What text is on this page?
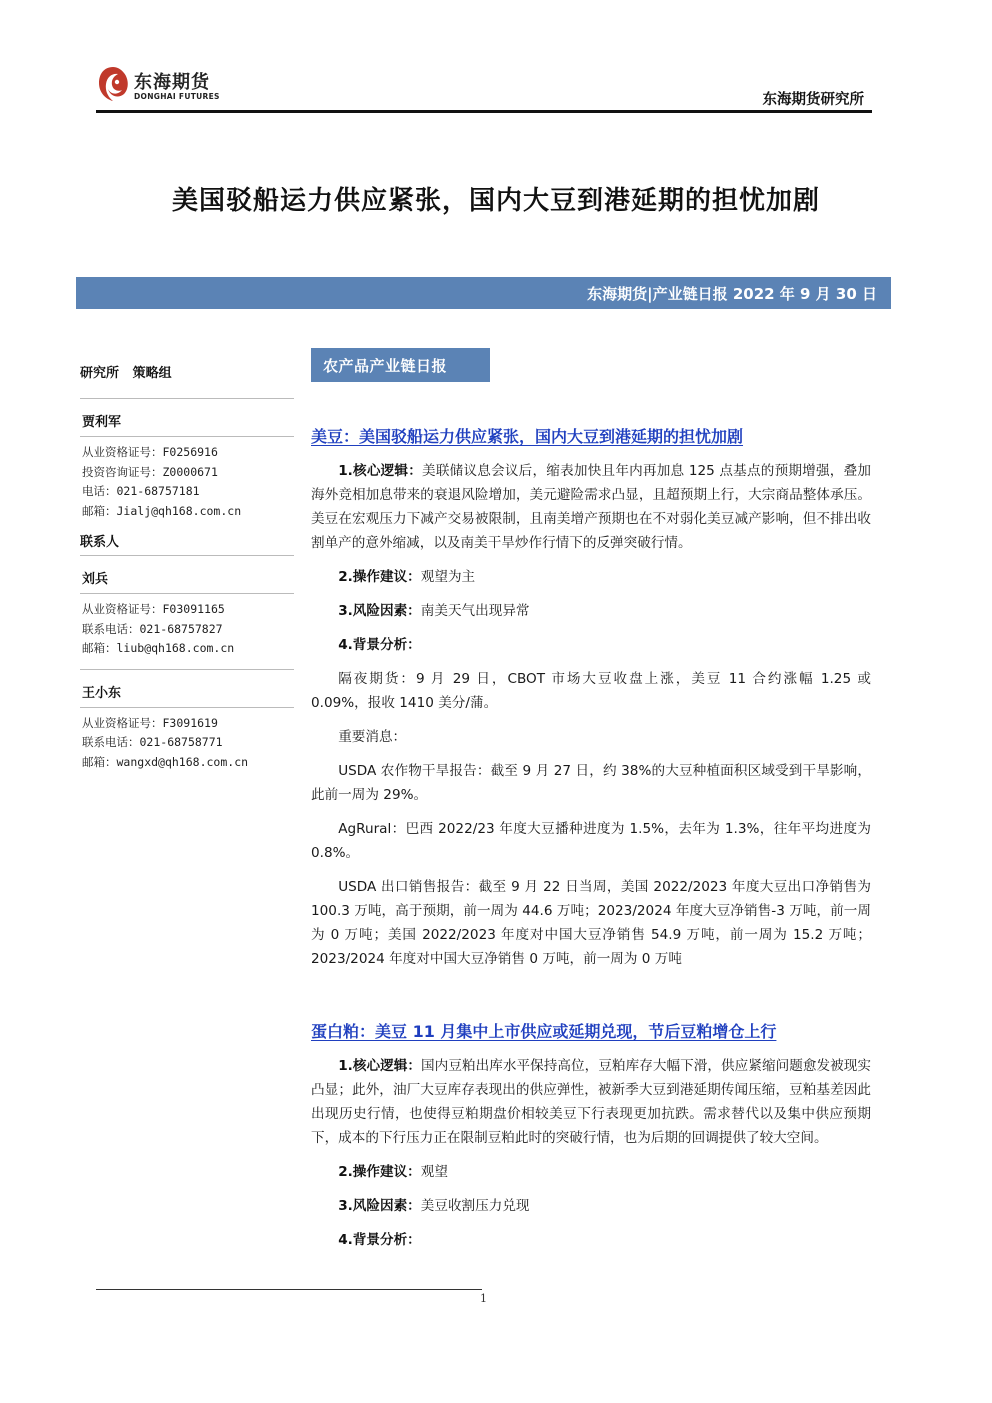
东海期货
DONGHAI FUTURES	东海期货研究所
美国驳船运力供应紧张，国内大豆到港延期的担忧加剧
东海期货|产业链日报 2022 年 9 月 30 日
研究所   策略组
贾利军
从业资格证号：F0256916
投资咨询证号：Z0000671
电话：021-68757181
邮箱：Jialj@qh168.com.cn
联系人
刘兵
从业资格证号：F03091165
联系电话：021-68757827
邮箱：liub@qh168.com.cn
王小东
从业资格证号：F3091619
联系电话：021-68758771
邮箱：wangxd@qh168.com.cn
农产品产业链日报
美豆：美国驳船运力供应紧张，国内大豆到港延期的担忧加剧
1.核心逻辑：美联储议息会议后，缩表加快且年内再加息 125 点基点的预期增强，叠加海外竞相加息带来的衰退风险增加，美元避险需求凸显，且超预期上行，大宗商品整体承压。美豆在宏观压力下减产交易被限制，且南美增产预期也在不对弱化美豆减产影响，但不排出收割单产的意外缩减，以及南美干旱炒作行情下的反弹突破行情。
2.操作建议：观望为主
3.风险因素：南美天气出现异常
4.背景分析：
隔夜期货：9 月 29 日，CBOT 市场大豆收盘上涨，美豆 11 合约涨幅 1.25 或 0.09%，报收 1410 美分/蒲。
重要消息：
USDA 农作物干旱报告：截至 9 月 27 日，约 38%的大豆种植面积区域受到干旱影响，此前一周为 29%。
AgRural：巴西 2022/23 年度大豆播种进度为 1.5%，去年为 1.3%，往年平均进度为 0.8%。
USDA 出口销售报告：截至 9 月 22 日当周，美国 2022/2023 年度大豆出口净销售为 100.3 万吨，高于预期，前一周为 44.6 万吨；2023/2024 年度大豆净销售-3 万吨，前一周为 0 万吨；美国 2022/2023 年度对中国大豆净销售 54.9 万吨，前一周为 15.2 万吨；2023/2024 年度对中国大豆净销售 0 万吨，前一周为 0 万吨
蛋白粕：美豆 11 月集中上市供应或延期兑现，节后豆粕增仓上行
1.核心逻辑：国内豆粕出库水平保持高位，豆粕库存大幅下滑，供应紧缩问题愈发被现实凸显；此外，油厂大豆库存表现出的供应弹性，被新季大豆到港延期传闻压缩，豆粕基差因此出现历史行情，也使得豆粕期盘价相较美豆下行表现更加抗跌。需求替代以及集中供应预期下，成本的下行压力正在限制豆粕此时的突破行情，也为后期的回调提供了较大空间。
2.操作建议：观望
3.风险因素：美豆收割压力兑现
4.背景分析：
1
